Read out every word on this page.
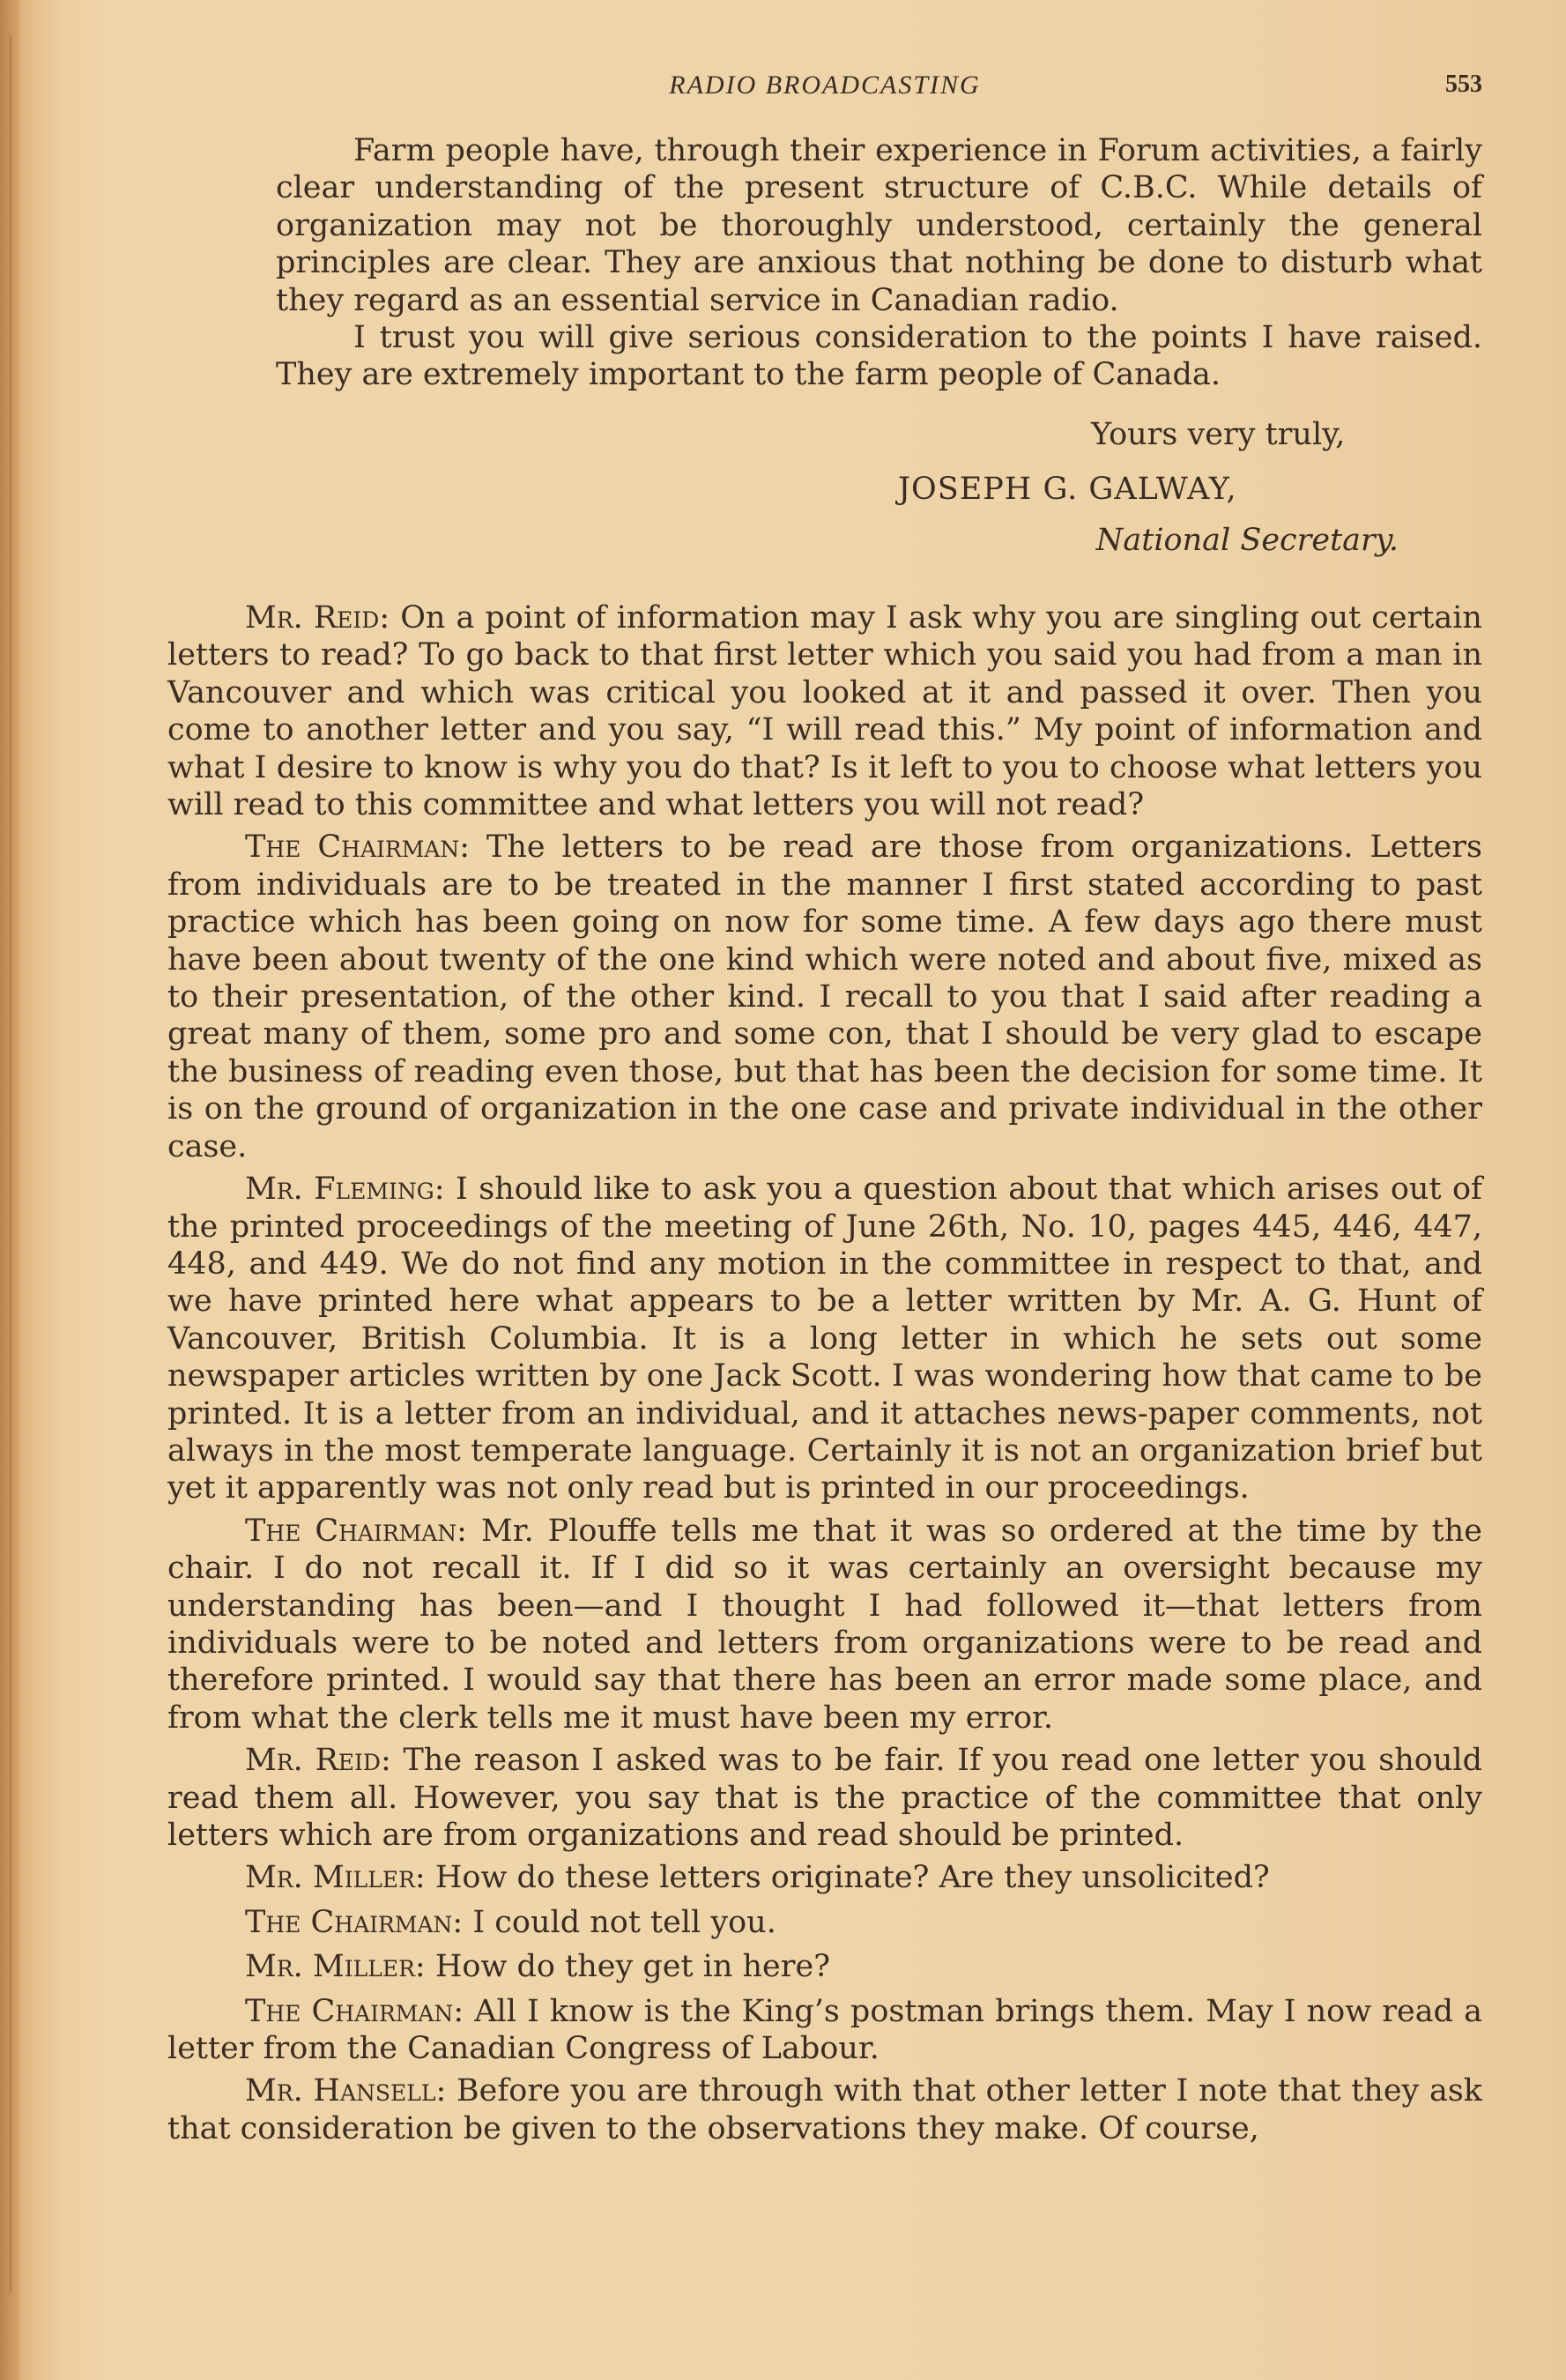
RADIO BROADCASTING	553

Farm people have, through their experience in Forum activities, a fairly clear understanding of the present structure of C.B.C. While details of organization may not be thoroughly understood, certainly the general principles are clear. They are anxious that nothing be done to disturb what they regard as an essential service in Canadian radio.

I trust you will give serious consideration to the points I have raised. They are extremely important to the farm people of Canada.

Yours very truly,
JOSEPH G. GALWAY,
National Secretary.

Mr. Reid: On a point of information may I ask why you are singling out certain letters to read? To go back to that first letter which you said you had from a man in Vancouver and which was critical you looked at it and passed it over. Then you come to another letter and you say, “I will read this.” My point of information and what I desire to know is why you do that? Is it left to you to choose what letters you will read to this committee and what letters you will not read?

The Chairman: The letters to be read are those from organizations. Letters from individuals are to be treated in the manner I first stated according to past practice which has been going on now for some time. A few days ago there must have been about twenty of the one kind which were noted and about five, mixed as to their presentation, of the other kind. I recall to you that I said after reading a great many of them, some pro and some con, that I should be very glad to escape the business of reading even those, but that has been the decision for some time. It is on the ground of organization in the one case and private individual in the other case.

Mr. Fleming: I should like to ask you a question about that which arises out of the printed proceedings of the meeting of June 26th, No. 10, pages 445, 446, 447, 448, and 449. We do not find any motion in the committee in respect to that, and we have printed here what appears to be a letter written by Mr. A. G. Hunt of Vancouver, British Columbia. It is a long letter in which he sets out some newspaper articles written by one Jack Scott. I was wondering how that came to be printed. It is a letter from an individual, and it attaches news-paper comments, not always in the most temperate language. Certainly it is not an organization brief but yet it apparently was not only read but is printed in our proceedings.

The Chairman: Mr. Plouffe tells me that it was so ordered at the time by the chair. I do not recall it. If I did so it was certainly an oversight because my understanding has been—and I thought I had followed it—that letters from individuals were to be noted and letters from organizations were to be read and therefore printed. I would say that there has been an error made some place, and from what the clerk tells me it must have been my error.

Mr. Reid: The reason I asked was to be fair. If you read one letter you should read them all. However, you say that is the practice of the committee that only letters which are from organizations and read should be printed.

Mr. Miller: How do these letters originate? Are they unsolicited?

The Chairman: I could not tell you.

Mr. Miller: How do they get in here?

The Chairman: All I know is the King’s postman brings them. May I now read a letter from the Canadian Congress of Labour.

Mr. Hansell: Before you are through with that other letter I note that they ask that consideration be given to the observations they make. Of course,
